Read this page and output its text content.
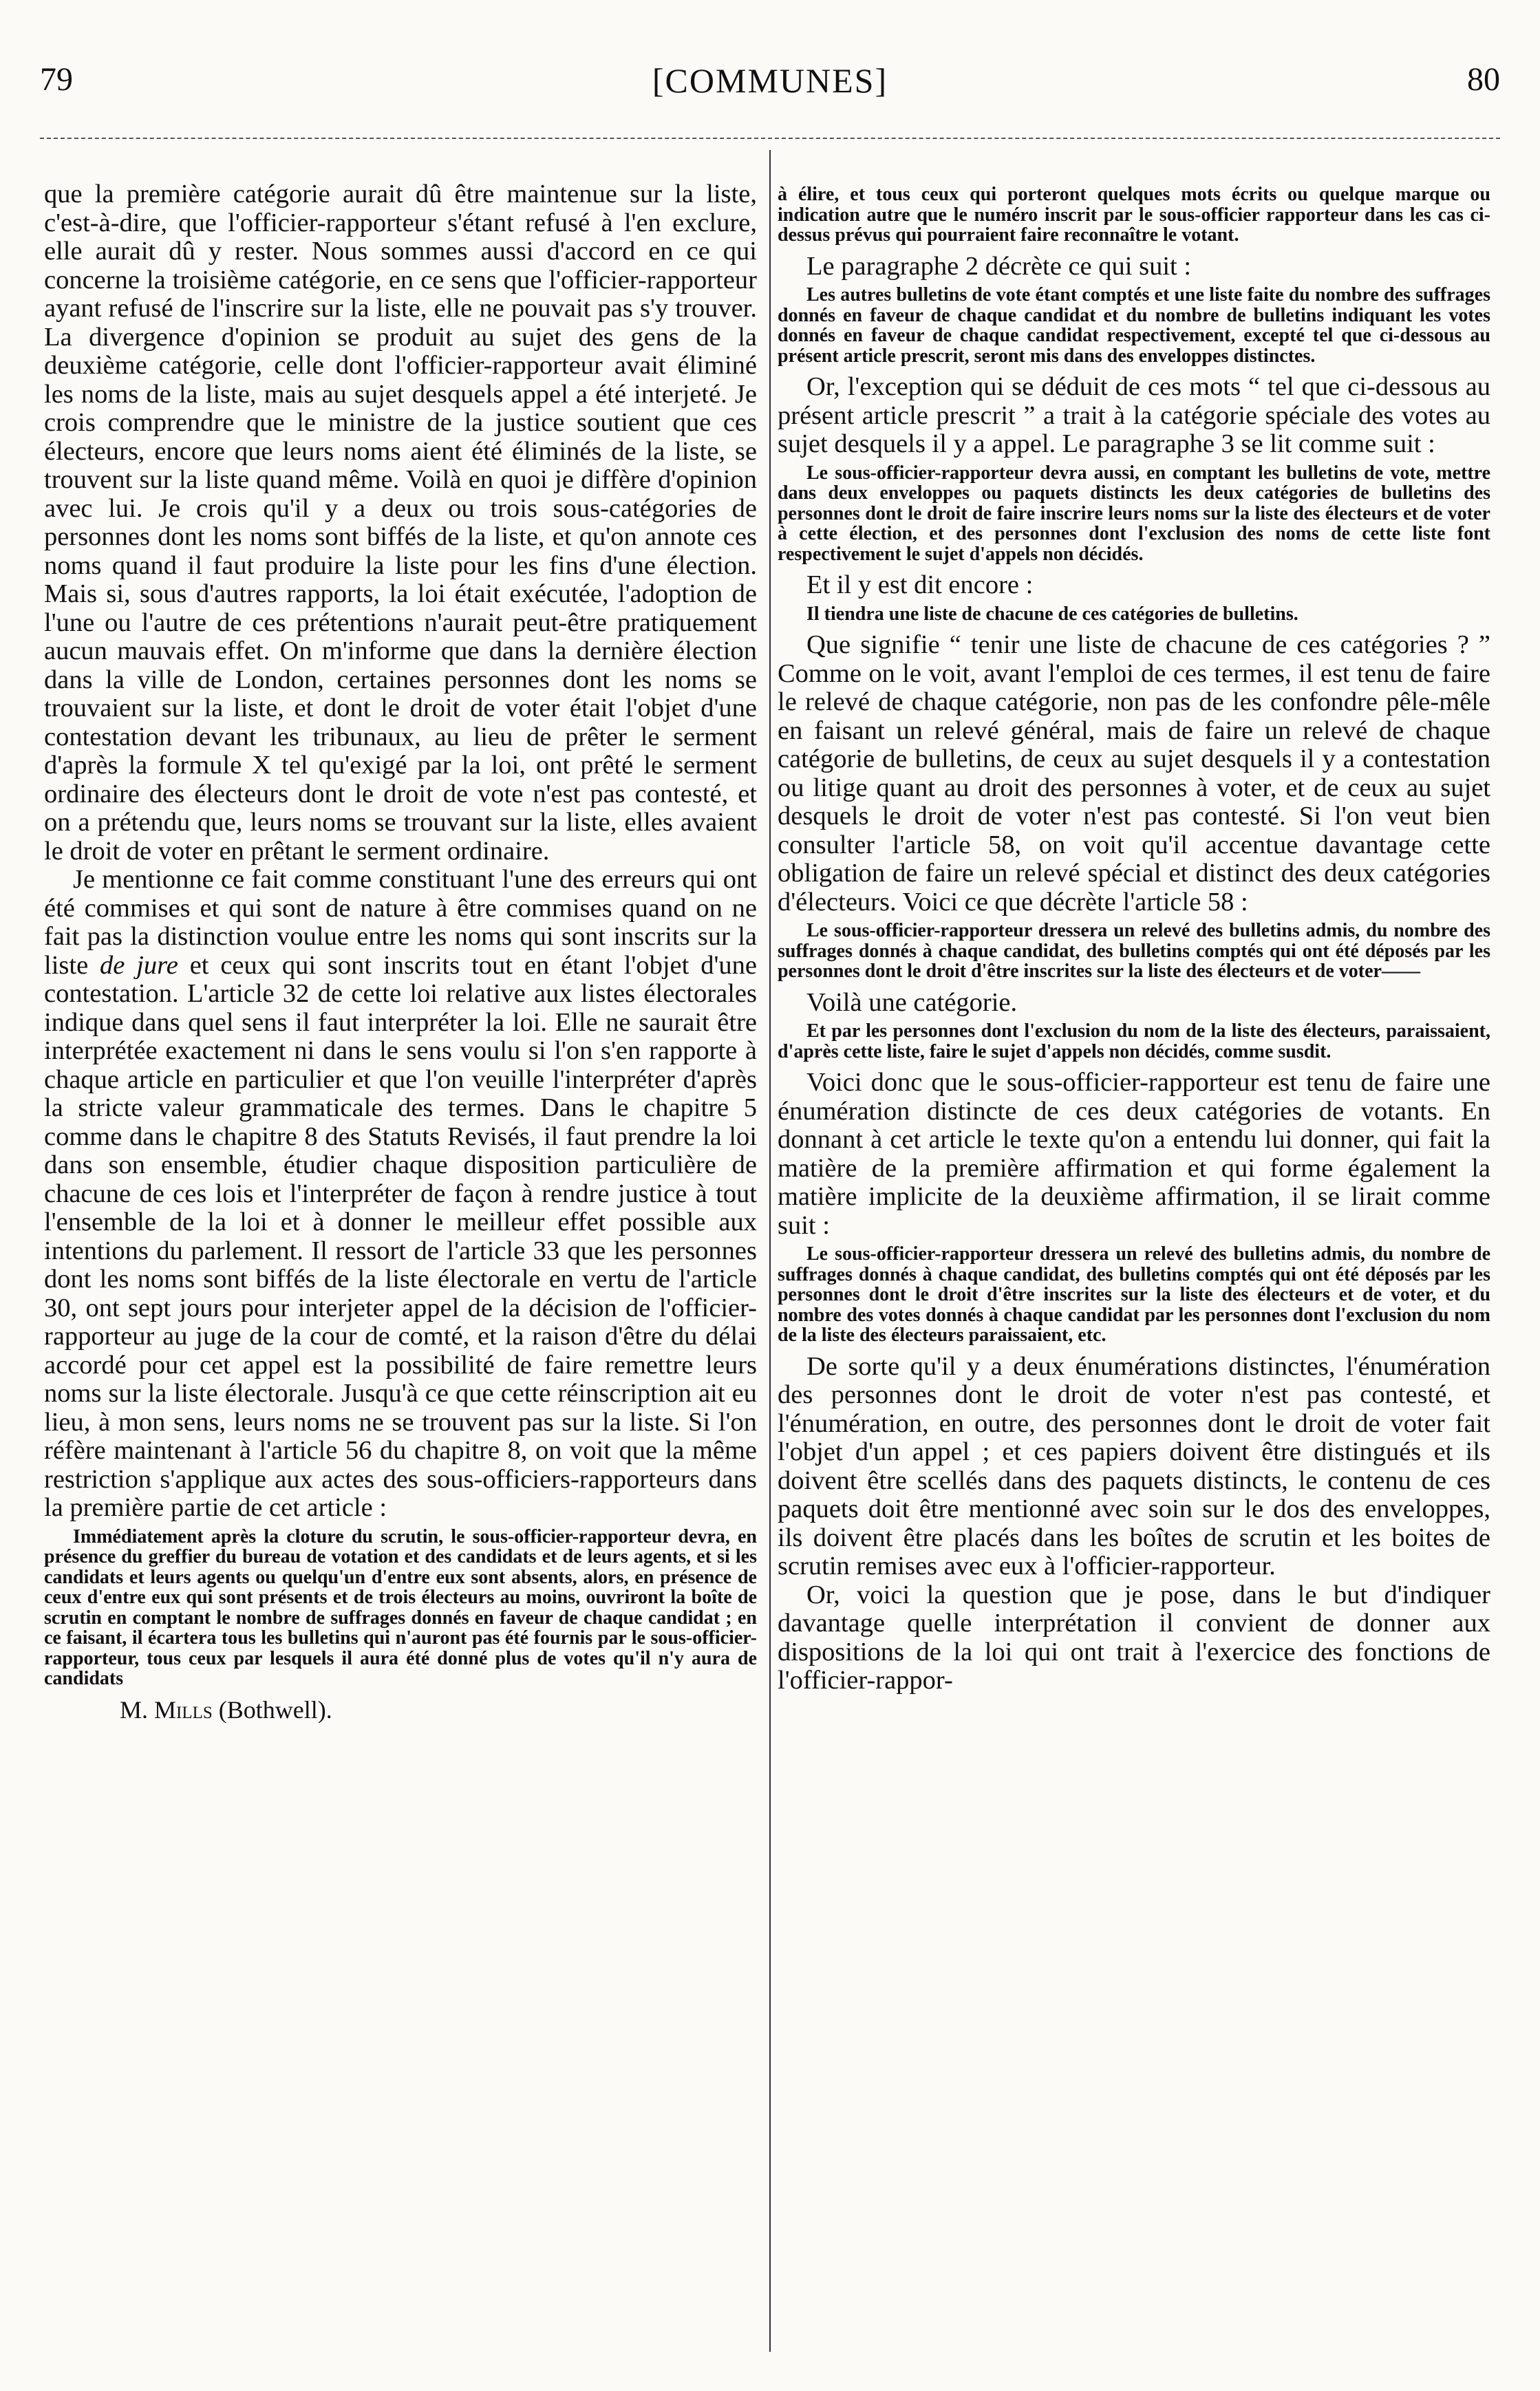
79	[COMMUNES]	80

que la première catégorie aurait dû être maintenue sur la liste, c'est-à-dire, que l'officier-rapporteur s'étant refusé à l'en exclure, elle aurait dû y rester. Nous sommes aussi d'accord en ce qui concerne la troisième catégorie, en ce sens que l'officier-rapporteur ayant refusé de l'inscrire sur la liste, elle ne pouvait pas s'y trouver. La divergence d'opinion se produit au sujet des gens de la deuxième catégorie, celle dont l'officier-rapporteur avait éliminé les noms de la liste, mais au sujet desquels appel a été interjeté. Je crois comprendre que le ministre de la justice soutient que ces électeurs, encore que leurs noms aient été éliminés de la liste, se trouvent sur la liste quand même. Voilà en quoi je diffère d'opinion avec lui. Je crois qu'il y a deux ou trois sous-catégories de personnes dont les noms sont biffés de la liste, et qu'on annote ces noms quand il faut produire la liste pour les fins d'une élection. Mais si, sous d'autres rapports, la loi était exécutée, l'adoption de l'une ou l'autre de ces prétentions n'aurait peut-être pratiquement aucun mauvais effet. On m'informe que dans la dernière élection dans la ville de London, certaines personnes dont les noms se trouvaient sur la liste, et dont le droit de voter était l'objet d'une contestation devant les tribunaux, au lieu de prêter le serment d'après la formule X tel qu'exigé par la loi, ont prêté le serment ordinaire des électeurs dont le droit de vote n'est pas contesté, et on a prétendu que, leurs noms se trouvant sur la liste, elles avaient le droit de voter en prêtant le serment ordinaire.

Je mentionne ce fait comme constituant l'une des erreurs qui ont été commises et qui sont de nature à être commises quand on ne fait pas la distinction voulue entre les noms qui sont inscrits sur la liste de jure et ceux qui sont inscrits tout en étant l'objet d'une contestation. L'article 32 de cette loi relative aux listes électorales indique dans quel sens il faut interpréter la loi. Elle ne saurait être interprétée exactement ni dans le sens voulu si l'on s'en rapporte à chaque article en particulier et que l'on veuille l'interpréter d'après la stricte valeur grammaticale des termes. Dans le chapitre 5 comme dans le chapitre 8 des Statuts Revisés, il faut prendre la loi dans son ensemble, étudier chaque disposition particulière de chacune de ces lois et l'interpréter de façon à rendre justice à tout l'ensemble de la loi et à donner le meilleur effet possible aux intentions du parlement. Il ressort de l'article 33 que les personnes dont les noms sont biffés de la liste électorale en vertu de l'article 30, ont sept jours pour interjeter appel de la décision de l'officier-rapporteur au juge de la cour de comté, et la raison d'être du délai accordé pour cet appel est la possibilité de faire remettre leurs noms sur la liste électorale. Jusqu'à ce que cette réinscription ait eu lieu, à mon sens, leurs noms ne se trouvent pas sur la liste. Si l'on réfère maintenant à l'article 56 du chapitre 8, on voit que la même restriction s'applique aux actes des sous-officiers-rapporteurs dans la première partie de cet article :

Immédiatement après la cloture du scrutin, le sous-officier-rapporteur devra, en présence du greffier du bureau de votation et des candidats et de leurs agents, et si les candidats et leurs agents ou quelqu'un d'entre eux sont absents, alors, en présence de ceux d'entre eux qui sont présents et de trois électeurs au moins, ouvriront la boîte de scrutin en comptant le nombre de suffrages donnés en faveur de chaque candidat ; en ce faisant, il écartera tous les bulletins qui n'auront pas été fournis par le sous-officier-rapporteur, tous ceux par lesquels il aura été donné plus de votes qu'il n'y aura de candidats

M. Mills (Bothwell).

à élire, et tous ceux qui porteront quelques mots écrits ou quelque marque ou indication autre que le numéro inscrit par le sous-officier rapporteur dans les cas ci-dessus prévus qui pourraient faire reconnaître le votant.

Le paragraphe 2 décrète ce qui suit :

Les autres bulletins de vote étant comptés et une liste faite du nombre des suffrages donnés en faveur de chaque candidat et du nombre de bulletins indiquant les votes donnés en faveur de chaque candidat respectivement, excepté tel que ci-dessous au présent article prescrit, seront mis dans des enveloppes distinctes.

Or, l'exception qui se déduit de ces mots “ tel que ci-dessous au présent article prescrit ” a trait à la catégorie spéciale des votes au sujet desquels il y a appel. Le paragraphe 3 se lit comme suit :

Le sous-officier-rapporteur devra aussi, en comptant les bulletins de vote, mettre dans deux enveloppes ou paquets distincts les deux catégories de bulletins des personnes dont le droit de faire inscrire leurs noms sur la liste des électeurs et de voter à cette élection, et des personnes dont l'exclusion des noms de cette liste font respectivement le sujet d'appels non décidés.

Et il y est dit encore :

Il tiendra une liste de chacune de ces catégories de bulletins.

Que signifie “ tenir une liste de chacune de ces catégories ? ” Comme on le voit, avant l'emploi de ces termes, il est tenu de faire le relevé de chaque catégorie, non pas de les confondre pêle-mêle en faisant un relevé général, mais de faire un relevé de chaque catégorie de bulletins, de ceux au sujet desquels il y a contestation ou litige quant au droit des personnes à voter, et de ceux au sujet desquels le droit de voter n'est pas contesté. Si l'on veut bien consulter l'article 58, on voit qu'il accentue davantage cette obligation de faire un relevé spécial et distinct des deux catégories d'électeurs. Voici ce que décrète l'article 58 :

Le sous-officier-rapporteur dressera un relevé des bulletins admis, du nombre des suffrages donnés à chaque candidat, des bulletins comptés qui ont été déposés par les personnes dont le droit d'être inscrites sur la liste des électeurs et de voter——

Voilà une catégorie.

Et par les personnes dont l'exclusion du nom de la liste des électeurs, paraissaient, d'après cette liste, faire le sujet d'appels non décidés, comme susdit.

Voici donc que le sous-officier-rapporteur est tenu de faire une énumération distincte de ces deux catégories de votants. En donnant à cet article le texte qu'on a entendu lui donner, qui fait la matière de la première affirmation et qui forme également la matière implicite de la deuxième affirmation, il se lirait comme suit :

Le sous-officier-rapporteur dressera un relevé des bulletins admis, du nombre de suffrages donnés à chaque candidat, des bulletins comptés qui ont été déposés par les personnes dont le droit d'être inscrites sur la liste des électeurs et de voter, et du nombre des votes donnés à chaque candidat par les personnes dont l'exclusion du nom de la liste des électeurs paraissaient, etc.

De sorte qu'il y a deux énumérations distinctes, l'énumération des personnes dont le droit de voter n'est pas contesté, et l'énumération, en outre, des personnes dont le droit de voter fait l'objet d'un appel ; et ces papiers doivent être distingués et ils doivent être scellés dans des paquets distincts, le contenu de ces paquets doit être mentionné avec soin sur le dos des enveloppes, ils doivent être placés dans les boîtes de scrutin et les boites de scrutin remises avec eux à l'officier-rapporteur.

Or, voici la question que je pose, dans le but d'indiquer davantage quelle interprétation il convient de donner aux dispositions de la loi qui ont trait à l'exercice des fonctions de l'officier-rappor-
